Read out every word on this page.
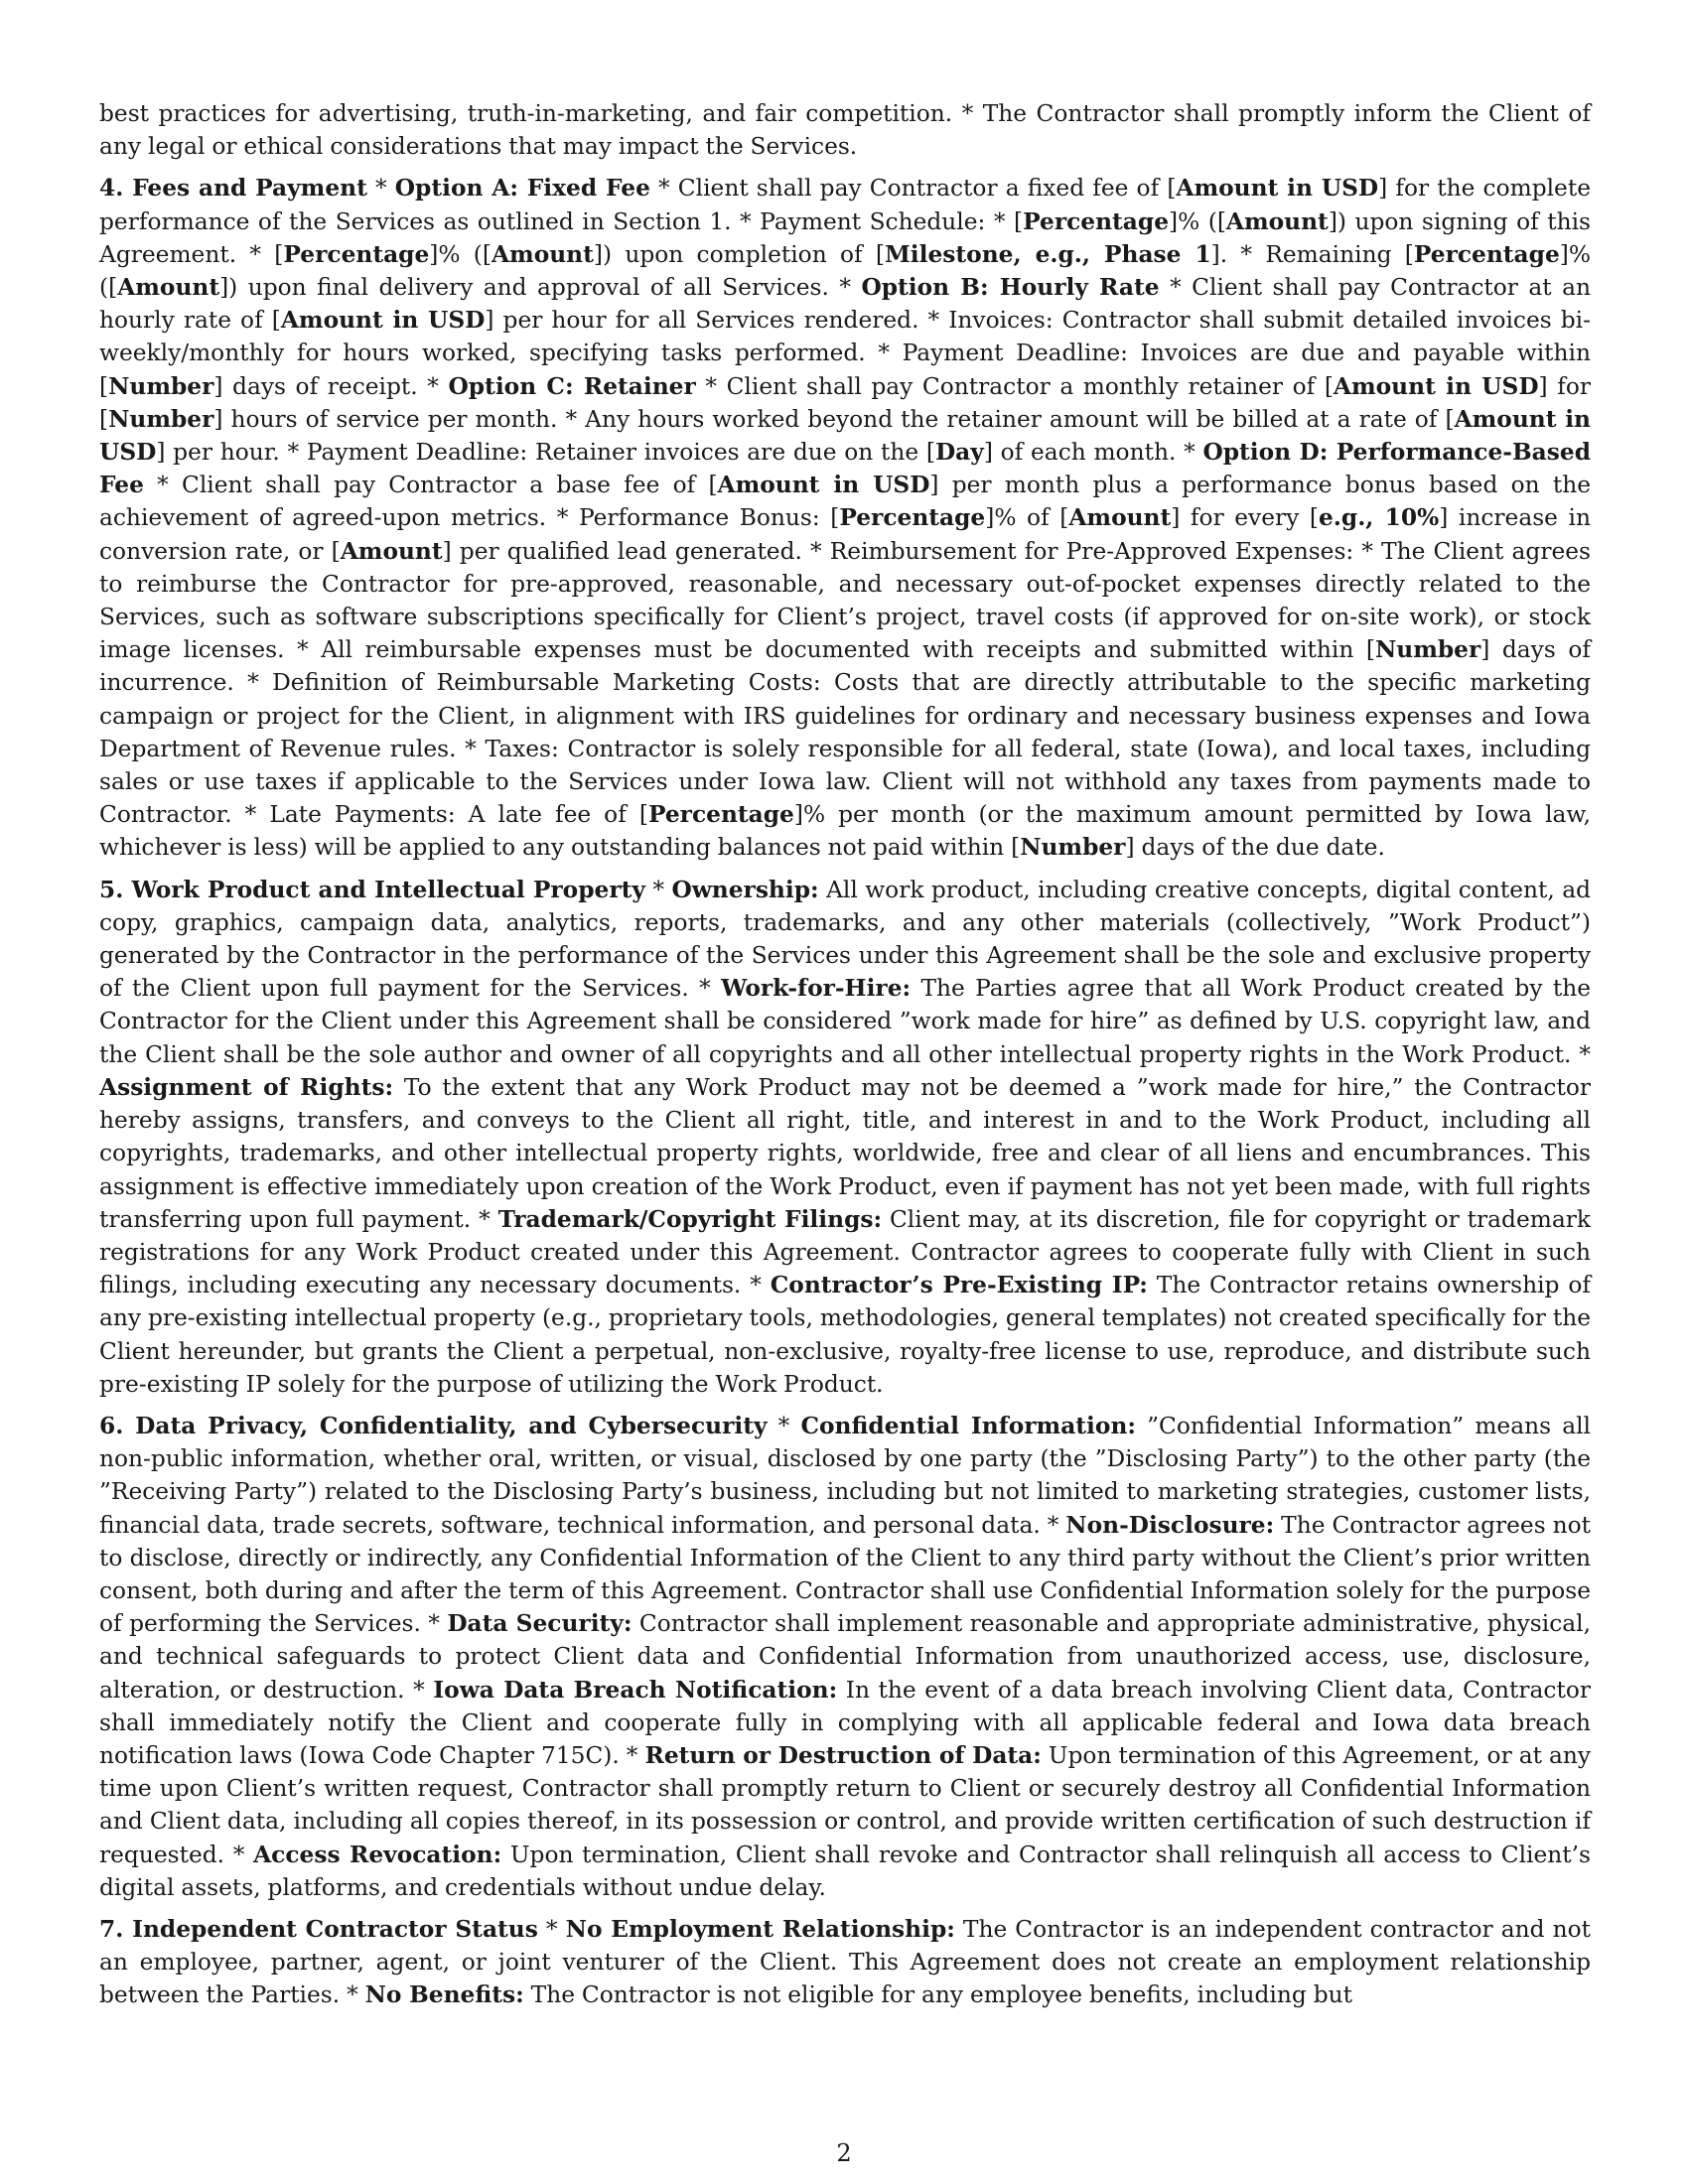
best practices for advertising, truth-in-marketing, and fair competition. * The Contractor shall promptly inform the Client of any legal or ethical considerations that may impact the Services.

4. Fees and Payment * Option A: Fixed Fee * Client shall pay Contractor a fixed fee of [Amount in USD] for the complete performance of the Services as outlined in Section 1. * Payment Schedule: * [Percentage]% ([Amount]) upon signing of this Agreement. * [Percentage]% ([Amount]) upon completion of [Milestone, e.g., Phase 1]. * Remaining [Percentage]% ([Amount]) upon final delivery and approval of all Services. * Option B: Hourly Rate * Client shall pay Contractor at an hourly rate of [Amount in USD] per hour for all Services rendered. * Invoices: Contractor shall submit detailed invoices bi-weekly/monthly for hours worked, specifying tasks performed. * Payment Deadline: Invoices are due and payable within [Number] days of receipt. * Option C: Retainer * Client shall pay Contractor a monthly retainer of [Amount in USD] for [Number] hours of service per month. * Any hours worked beyond the retainer amount will be billed at a rate of [Amount in USD] per hour. * Payment Deadline: Retainer invoices are due on the [Day] of each month. * Option D: Performance-Based Fee * Client shall pay Contractor a base fee of [Amount in USD] per month plus a performance bonus based on the achievement of agreed-upon metrics. * Performance Bonus: [Percentage]% of [Amount] for every [e.g., 10%] increase in conversion rate, or [Amount] per qualified lead generated. * Reimbursement for Pre-Approved Expenses: * The Client agrees to reimburse the Contractor for pre-approved, reasonable, and necessary out-of-pocket expenses directly related to the Services, such as software subscriptions specifically for Client’s project, travel costs (if approved for on-site work), or stock image licenses. * All reimbursable expenses must be documented with receipts and submitted within [Number] days of incurrence. * Definition of Reimbursable Marketing Costs: Costs that are directly attributable to the specific marketing campaign or project for the Client, in alignment with IRS guidelines for ordinary and necessary business expenses and Iowa Department of Revenue rules. * Taxes: Contractor is solely responsible for all federal, state (Iowa), and local taxes, including sales or use taxes if applicable to the Services under Iowa law. Client will not withhold any taxes from payments made to Contractor. * Late Payments: A late fee of [Percentage]% per month (or the maximum amount permitted by Iowa law, whichever is less) will be applied to any outstanding balances not paid within [Number] days of the due date.

5. Work Product and Intellectual Property * Ownership: All work product, including creative concepts, digital content, ad copy, graphics, campaign data, analytics, reports, trademarks, and any other materials (collectively, ”Work Product”) generated by the Contractor in the performance of the Services under this Agreement shall be the sole and exclusive property of the Client upon full payment for the Services. * Work-for-Hire: The Parties agree that all Work Product created by the Contractor for the Client under this Agreement shall be considered ”work made for hire” as defined by U.S. copyright law, and the Client shall be the sole author and owner of all copyrights and all other intellectual property rights in the Work Product. * Assignment of Rights: To the extent that any Work Product may not be deemed a ”work made for hire,” the Contractor hereby assigns, transfers, and conveys to the Client all right, title, and interest in and to the Work Product, including all copyrights, trademarks, and other intellectual property rights, worldwide, free and clear of all liens and encumbrances. This assignment is effective immediately upon creation of the Work Product, even if payment has not yet been made, with full rights transferring upon full payment. * Trademark/Copyright Filings: Client may, at its discretion, file for copyright or trademark registrations for any Work Product created under this Agreement. Contractor agrees to cooperate fully with Client in such filings, including executing any necessary documents. * Contractor’s Pre-Existing IP: The Contractor retains ownership of any pre-existing intellectual property (e.g., proprietary tools, methodologies, general templates) not created specifically for the Client hereunder, but grants the Client a perpetual, non-exclusive, royalty-free license to use, reproduce, and distribute such pre-existing IP solely for the purpose of utilizing the Work Product.

6. Data Privacy, Confidentiality, and Cybersecurity * Confidential Information: ”Confidential Information” means all non-public information, whether oral, written, or visual, disclosed by one party (the ”Disclosing Party”) to the other party (the ”Receiving Party”) related to the Disclosing Party’s business, including but not limited to marketing strategies, customer lists, financial data, trade secrets, software, technical information, and personal data. * Non-Disclosure: The Contractor agrees not to disclose, directly or indirectly, any Confidential Information of the Client to any third party without the Client’s prior written consent, both during and after the term of this Agreement. Contractor shall use Confidential Information solely for the purpose of performing the Services. * Data Security: Contractor shall implement reasonable and appropriate administrative, physical, and technical safeguards to protect Client data and Confidential Information from unauthorized access, use, disclosure, alteration, or destruction. * Iowa Data Breach Notification: In the event of a data breach involving Client data, Contractor shall immediately notify the Client and cooperate fully in complying with all applicable federal and Iowa data breach notification laws (Iowa Code Chapter 715C). * Return or Destruction of Data: Upon termination of this Agreement, or at any time upon Client’s written request, Contractor shall promptly return to Client or securely destroy all Confidential Information and Client data, including all copies thereof, in its possession or control, and provide written certification of such destruction if requested. * Access Revocation: Upon termination, Client shall revoke and Contractor shall relinquish all access to Client’s digital assets, platforms, and credentials without undue delay.

7. Independent Contractor Status * No Employment Relationship: The Contractor is an independent contractor and not an employee, partner, agent, or joint venturer of the Client. This Agreement does not create an employment relationship between the Parties. * No Benefits: The Contractor is not eligible for any employee benefits, including but

2
